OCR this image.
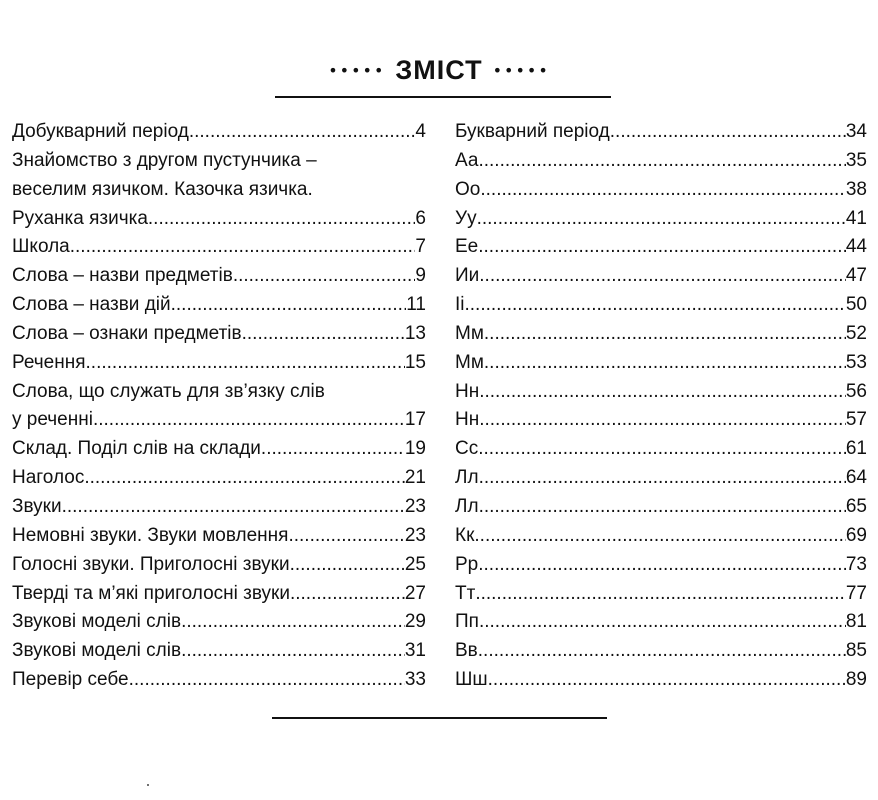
••••• ЗМІСТ •••••
Добукварний період .....	4
Знайомство з другом пустунчика –
веселим язичком. Казочка язичка.
Руханка язичка .....	6
Школа .....	7
Слова – назви предметів .....	9
Слова – назви дій .....	11
Слова – ознаки предметів .....	13
Речення .....	15
Слова, що служать для зв’язку слів
у реченні .....	17
Склад. Поділ слів на склади .....	19
Наголос .....	21
Звуки .....	23
Немовні звуки. Звуки мовлення .....	23
Голосні звуки. Приголосні звуки .....	25
Тверді та м’які приголосні звуки .....	27
Звукові моделі слів .....	29
Звукові моделі слів .....	31
Перевір себе .....	33
Букварний період .....	34
Аа .....	35
Оо .....	38
Уу .....	41
Ее .....	44
Ии .....	47
Іі .....	50
Мм .....	52
Мм .....	53
Нн .....	56
Нн .....	57
Сс .....	61
Лл .....	64
Лл .....	65
Кк .....	69
Рр .....	73
Тт .....	77
Пп .....	81
Вв .....	85
Шш .....	89
